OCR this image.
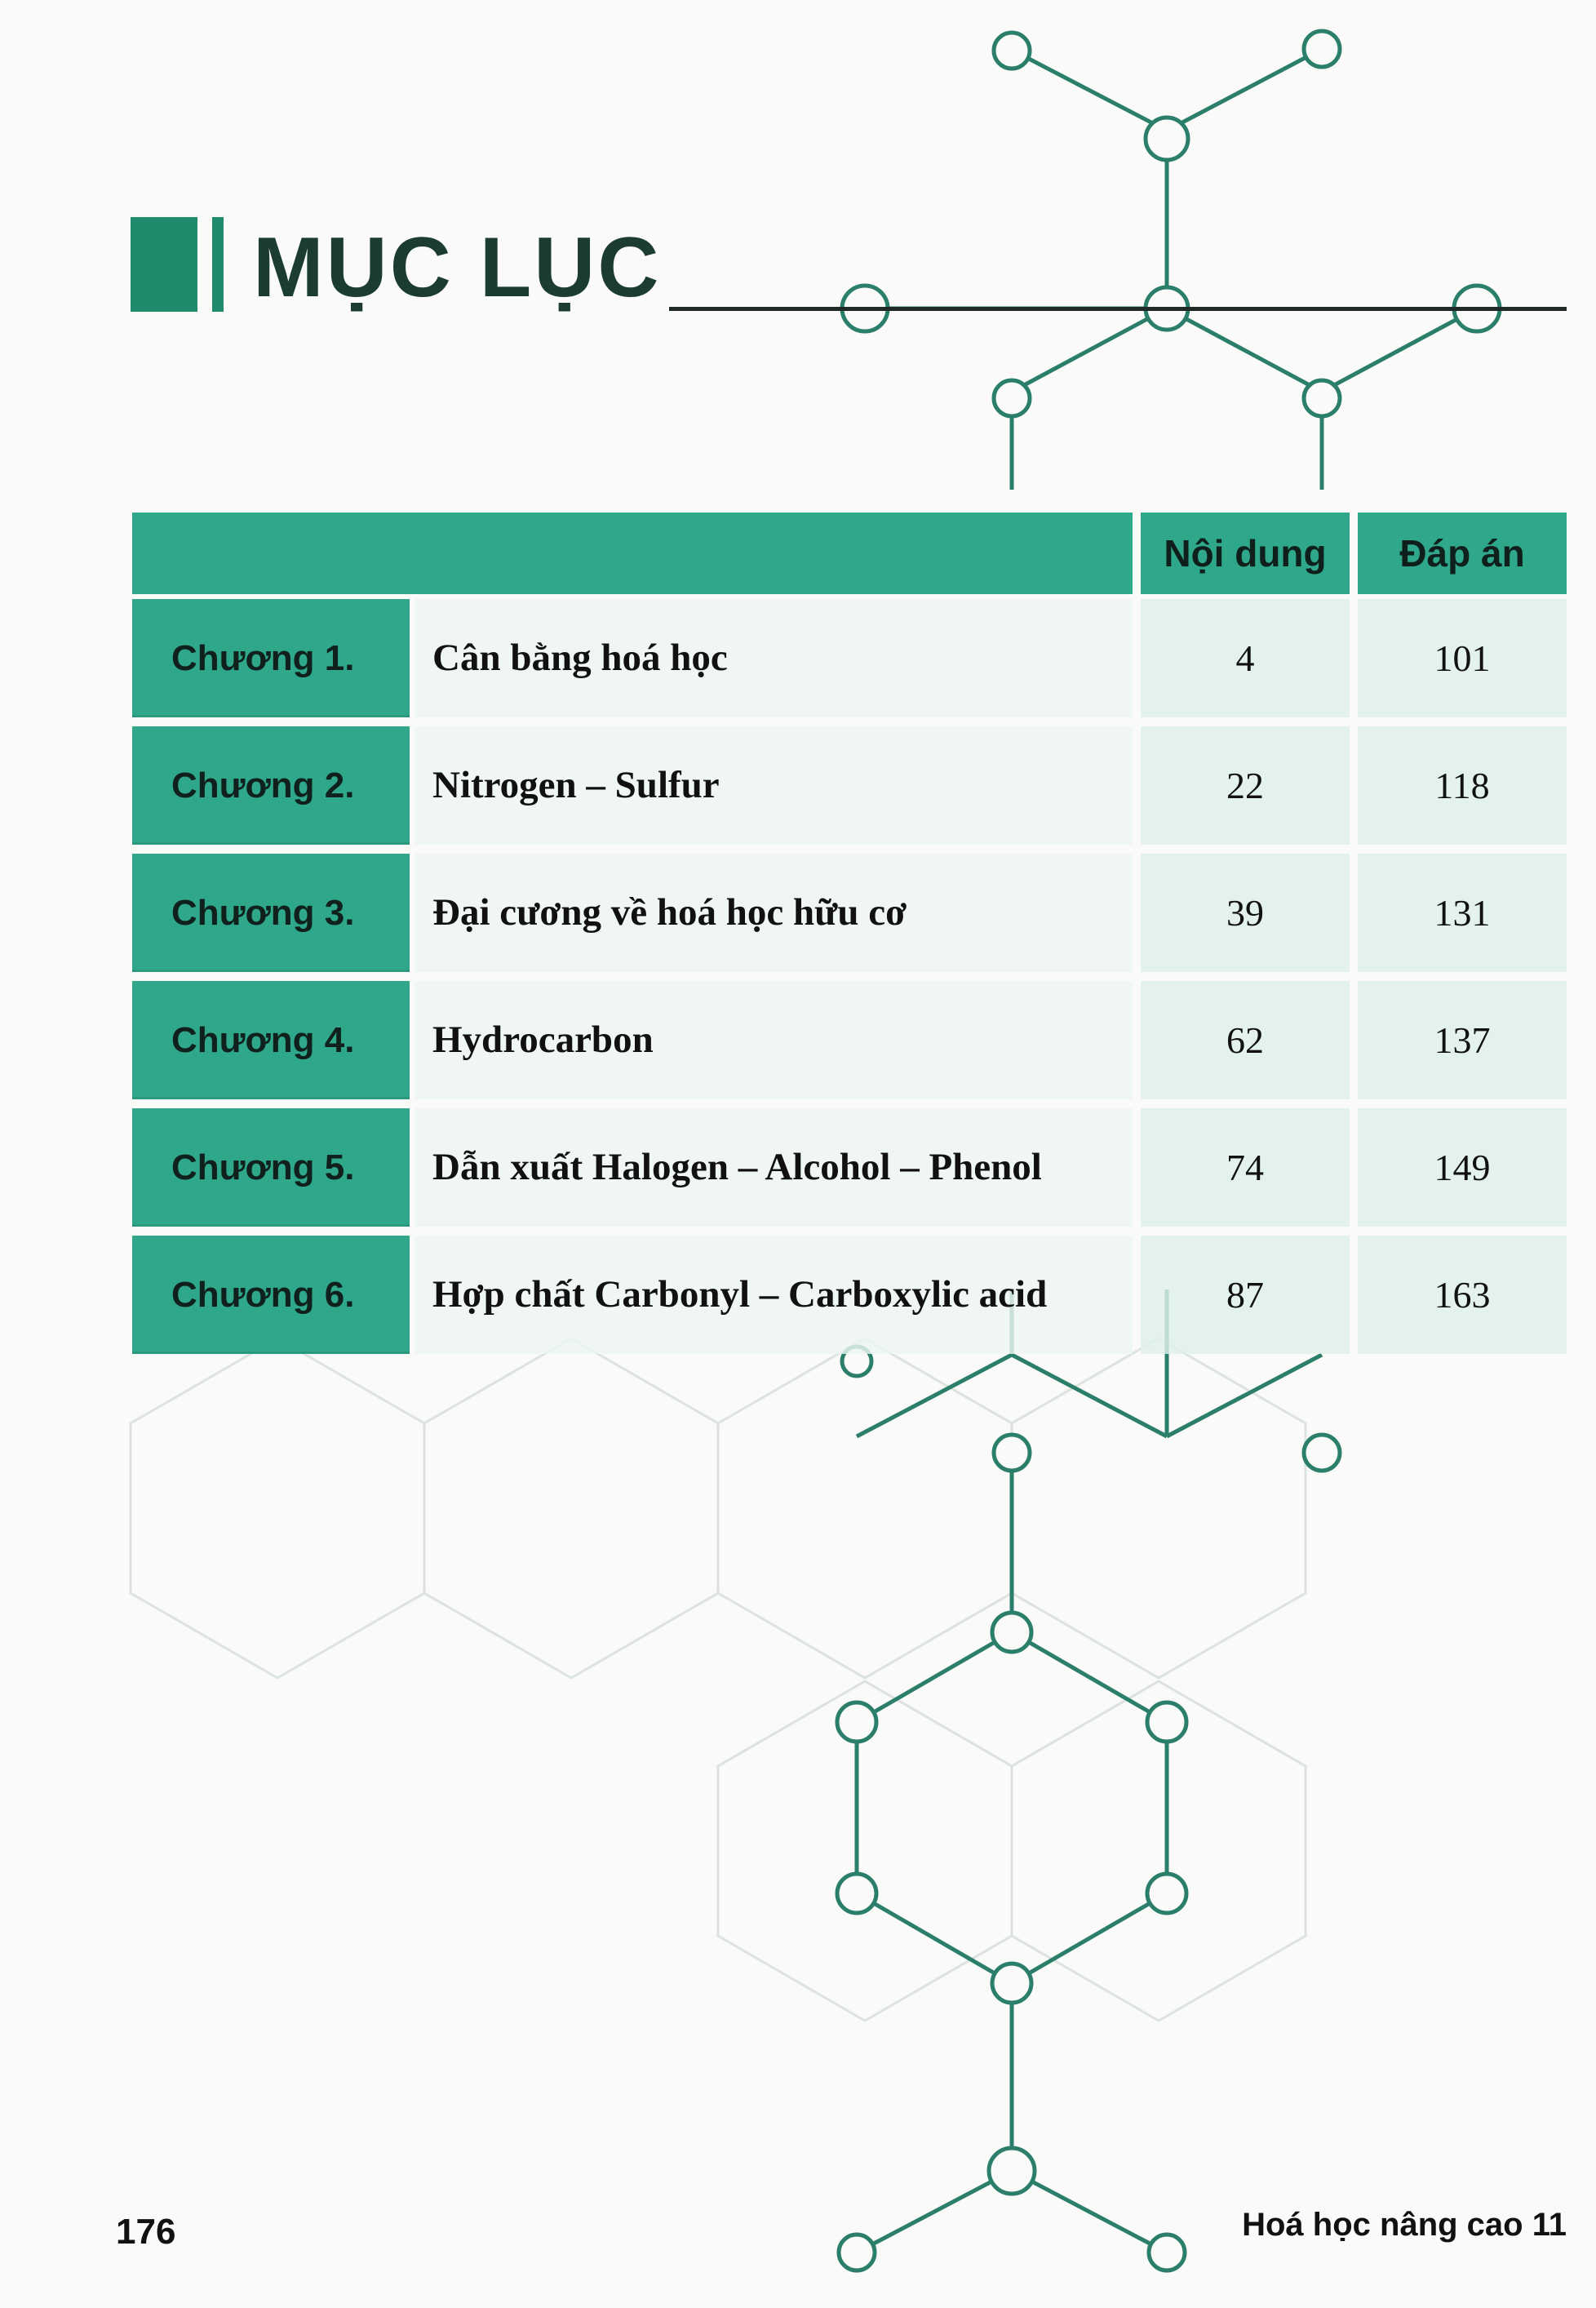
MỤC LỤC
Nội dung	Đáp án
Chương 1. Cân bằng hoá học	4	101
Chương 2. Nitrogen – Sulfur	22	118
Chương 3. Đại cương về hoá học hữu cơ	39	131
Chương 4. Hydrocarbon	62	137
Chương 5. Dẫn xuất Halogen – Alcohol – Phenol	74	149
Chương 6. Hợp chất Carbonyl – Carboxylic acid	87	163
176	Hoá học nâng cao 11
